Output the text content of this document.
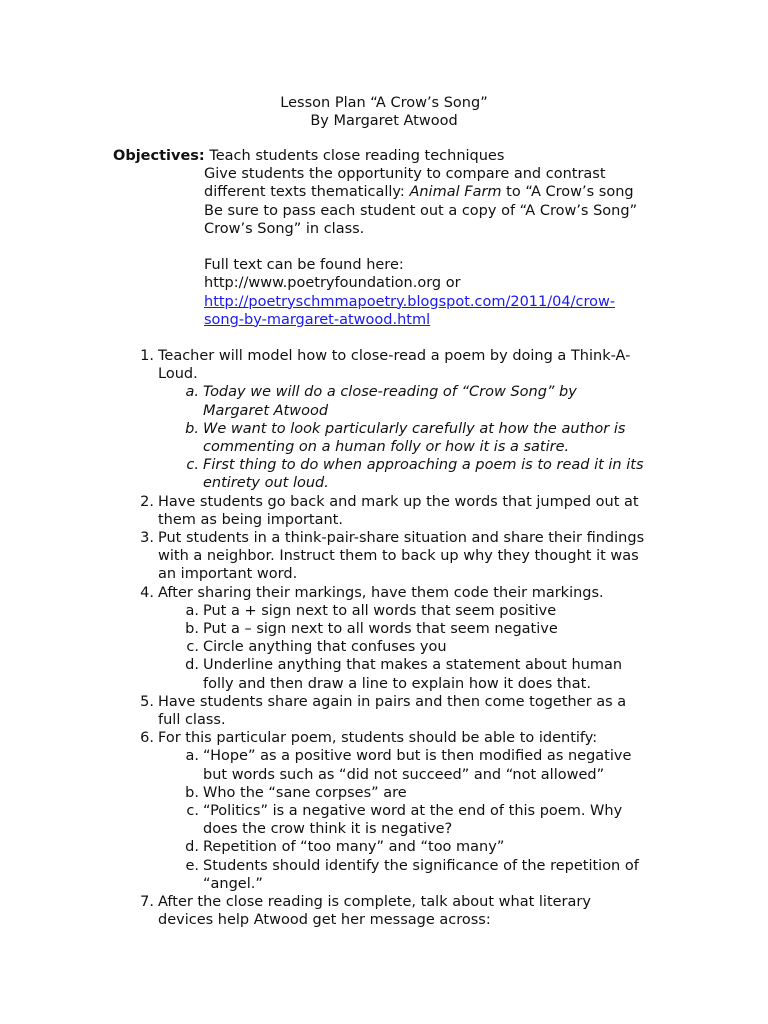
Lesson Plan “A Crow’s Song”
By Margaret Atwood
Objectives: Teach students close reading techniques
Give students the opportunity to compare and contrast
different texts thematically: Animal Farm to “A Crow’s song
Be sure to pass each student out a copy of “A Crow’s Song”
Crow’s Song” in class.
Full text can be found here:
http://www.poetryfoundation.org or
http://poetryschmmapoetry.blogspot.com/2011/04/crow-
song-by-margaret-atwood.html
1. Teacher will model how to close-read a poem by doing a Think-A-
Loud.
a. Today we will do a close-reading of “Crow Song” by
Margaret Atwood
b. We want to look particularly carefully at how the author is
commenting on a human folly or how it is a satire.
c. First thing to do when approaching a poem is to read it in its
entirety out loud.
2. Have students go back and mark up the words that jumped out at
them as being important.
3. Put students in a think-pair-share situation and share their findings
with a neighbor. Instruct them to back up why they thought it was
an important word.
4. After sharing their markings, have them code their markings.
a. Put a + sign next to all words that seem positive
b. Put a – sign next to all words that seem negative
c. Circle anything that confuses you
d. Underline anything that makes a statement about human
folly and then draw a line to explain how it does that.
5. Have students share again in pairs and then come together as a
full class.
6. For this particular poem, students should be able to identify:
a. “Hope” as a positive word but is then modified as negative
but words such as “did not succeed” and “not allowed”
b. Who the “sane corpses” are
c. “Politics” is a negative word at the end of this poem. Why
does the crow think it is negative?
d. Repetition of “too many” and “too many”
e. Students should identify the significance of the repetition of
“angel.”
7. After the close reading is complete, talk about what literary
devices help Atwood get her message across:
